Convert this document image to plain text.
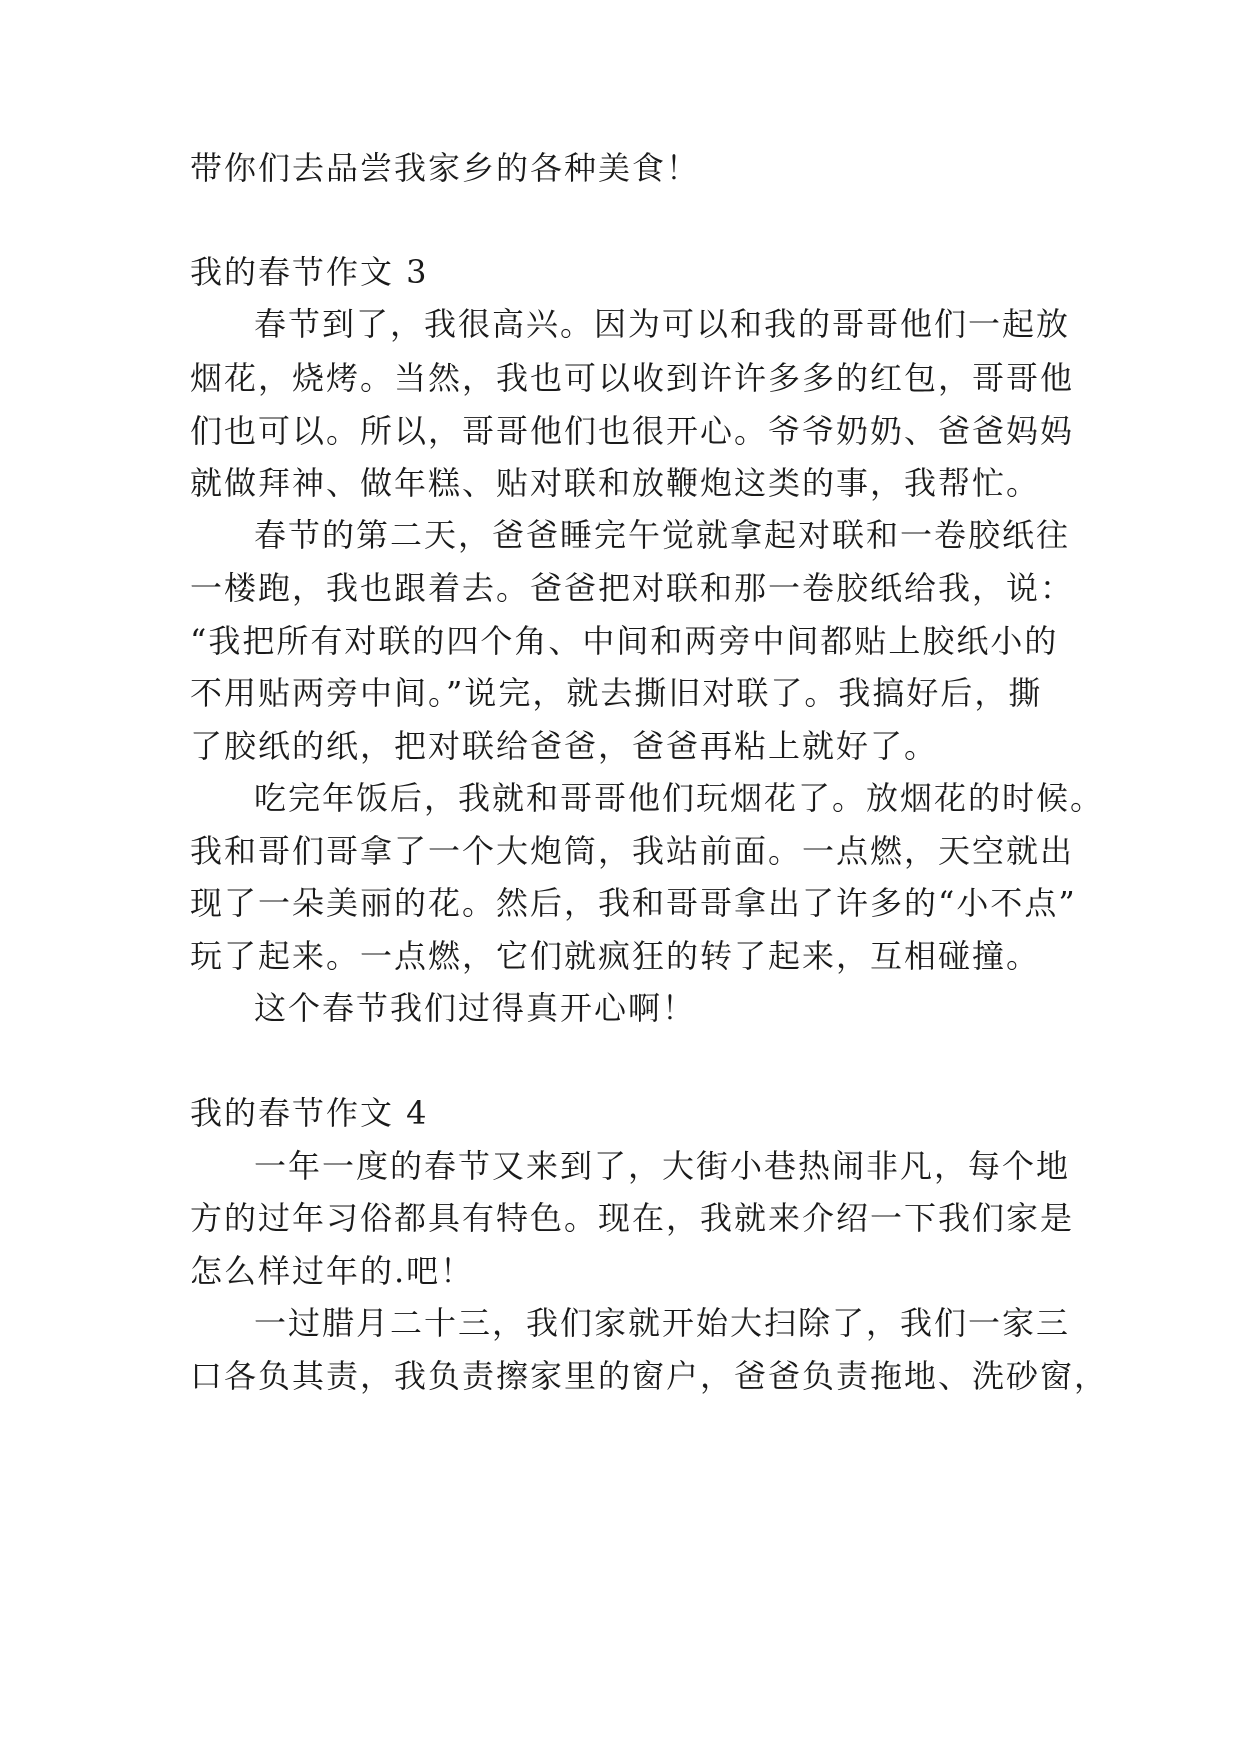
带你们去品尝我家乡的各种美食！
我的春节作文 3
春节到了，我很高兴。因为可以和我的哥哥他们一起放
烟花，烧烤。当然，我也可以收到许许多多的红包，哥哥他
们也可以。所以，哥哥他们也很开心。爷爷奶奶、爸爸妈妈
就做拜神、做年糕、贴对联和放鞭炮这类的事，我帮忙。
春节的第二天，爸爸睡完午觉就拿起对联和一卷胶纸往
一楼跑，我也跟着去。爸爸把对联和那一卷胶纸给我，说：
“我把所有对联的四个角、中间和两旁中间都贴上胶纸小的
不用贴两旁中间。”说完，就去撕旧对联了。我搞好后，撕
了胶纸的纸，把对联给爸爸，爸爸再粘上就好了。
吃完年饭后，我就和哥哥他们玩烟花了。放烟花的时候。
我和哥们哥拿了一个大炮筒，我站前面。一点燃，天空就出
现了一朵美丽的花。然后，我和哥哥拿出了许多的“小不点”
玩了起来。一点燃，它们就疯狂的转了起来，互相碰撞。
这个春节我们过得真开心啊！
我的春节作文 4
一年一度的春节又来到了，大街小巷热闹非凡，每个地
方的过年习俗都具有特色。现在，我就来介绍一下我们家是
怎么样过年的.吧！
一过腊月二十三，我们家就开始大扫除了，我们一家三
口各负其责，我负责擦家里的窗户，爸爸负责拖地、洗砂窗，
